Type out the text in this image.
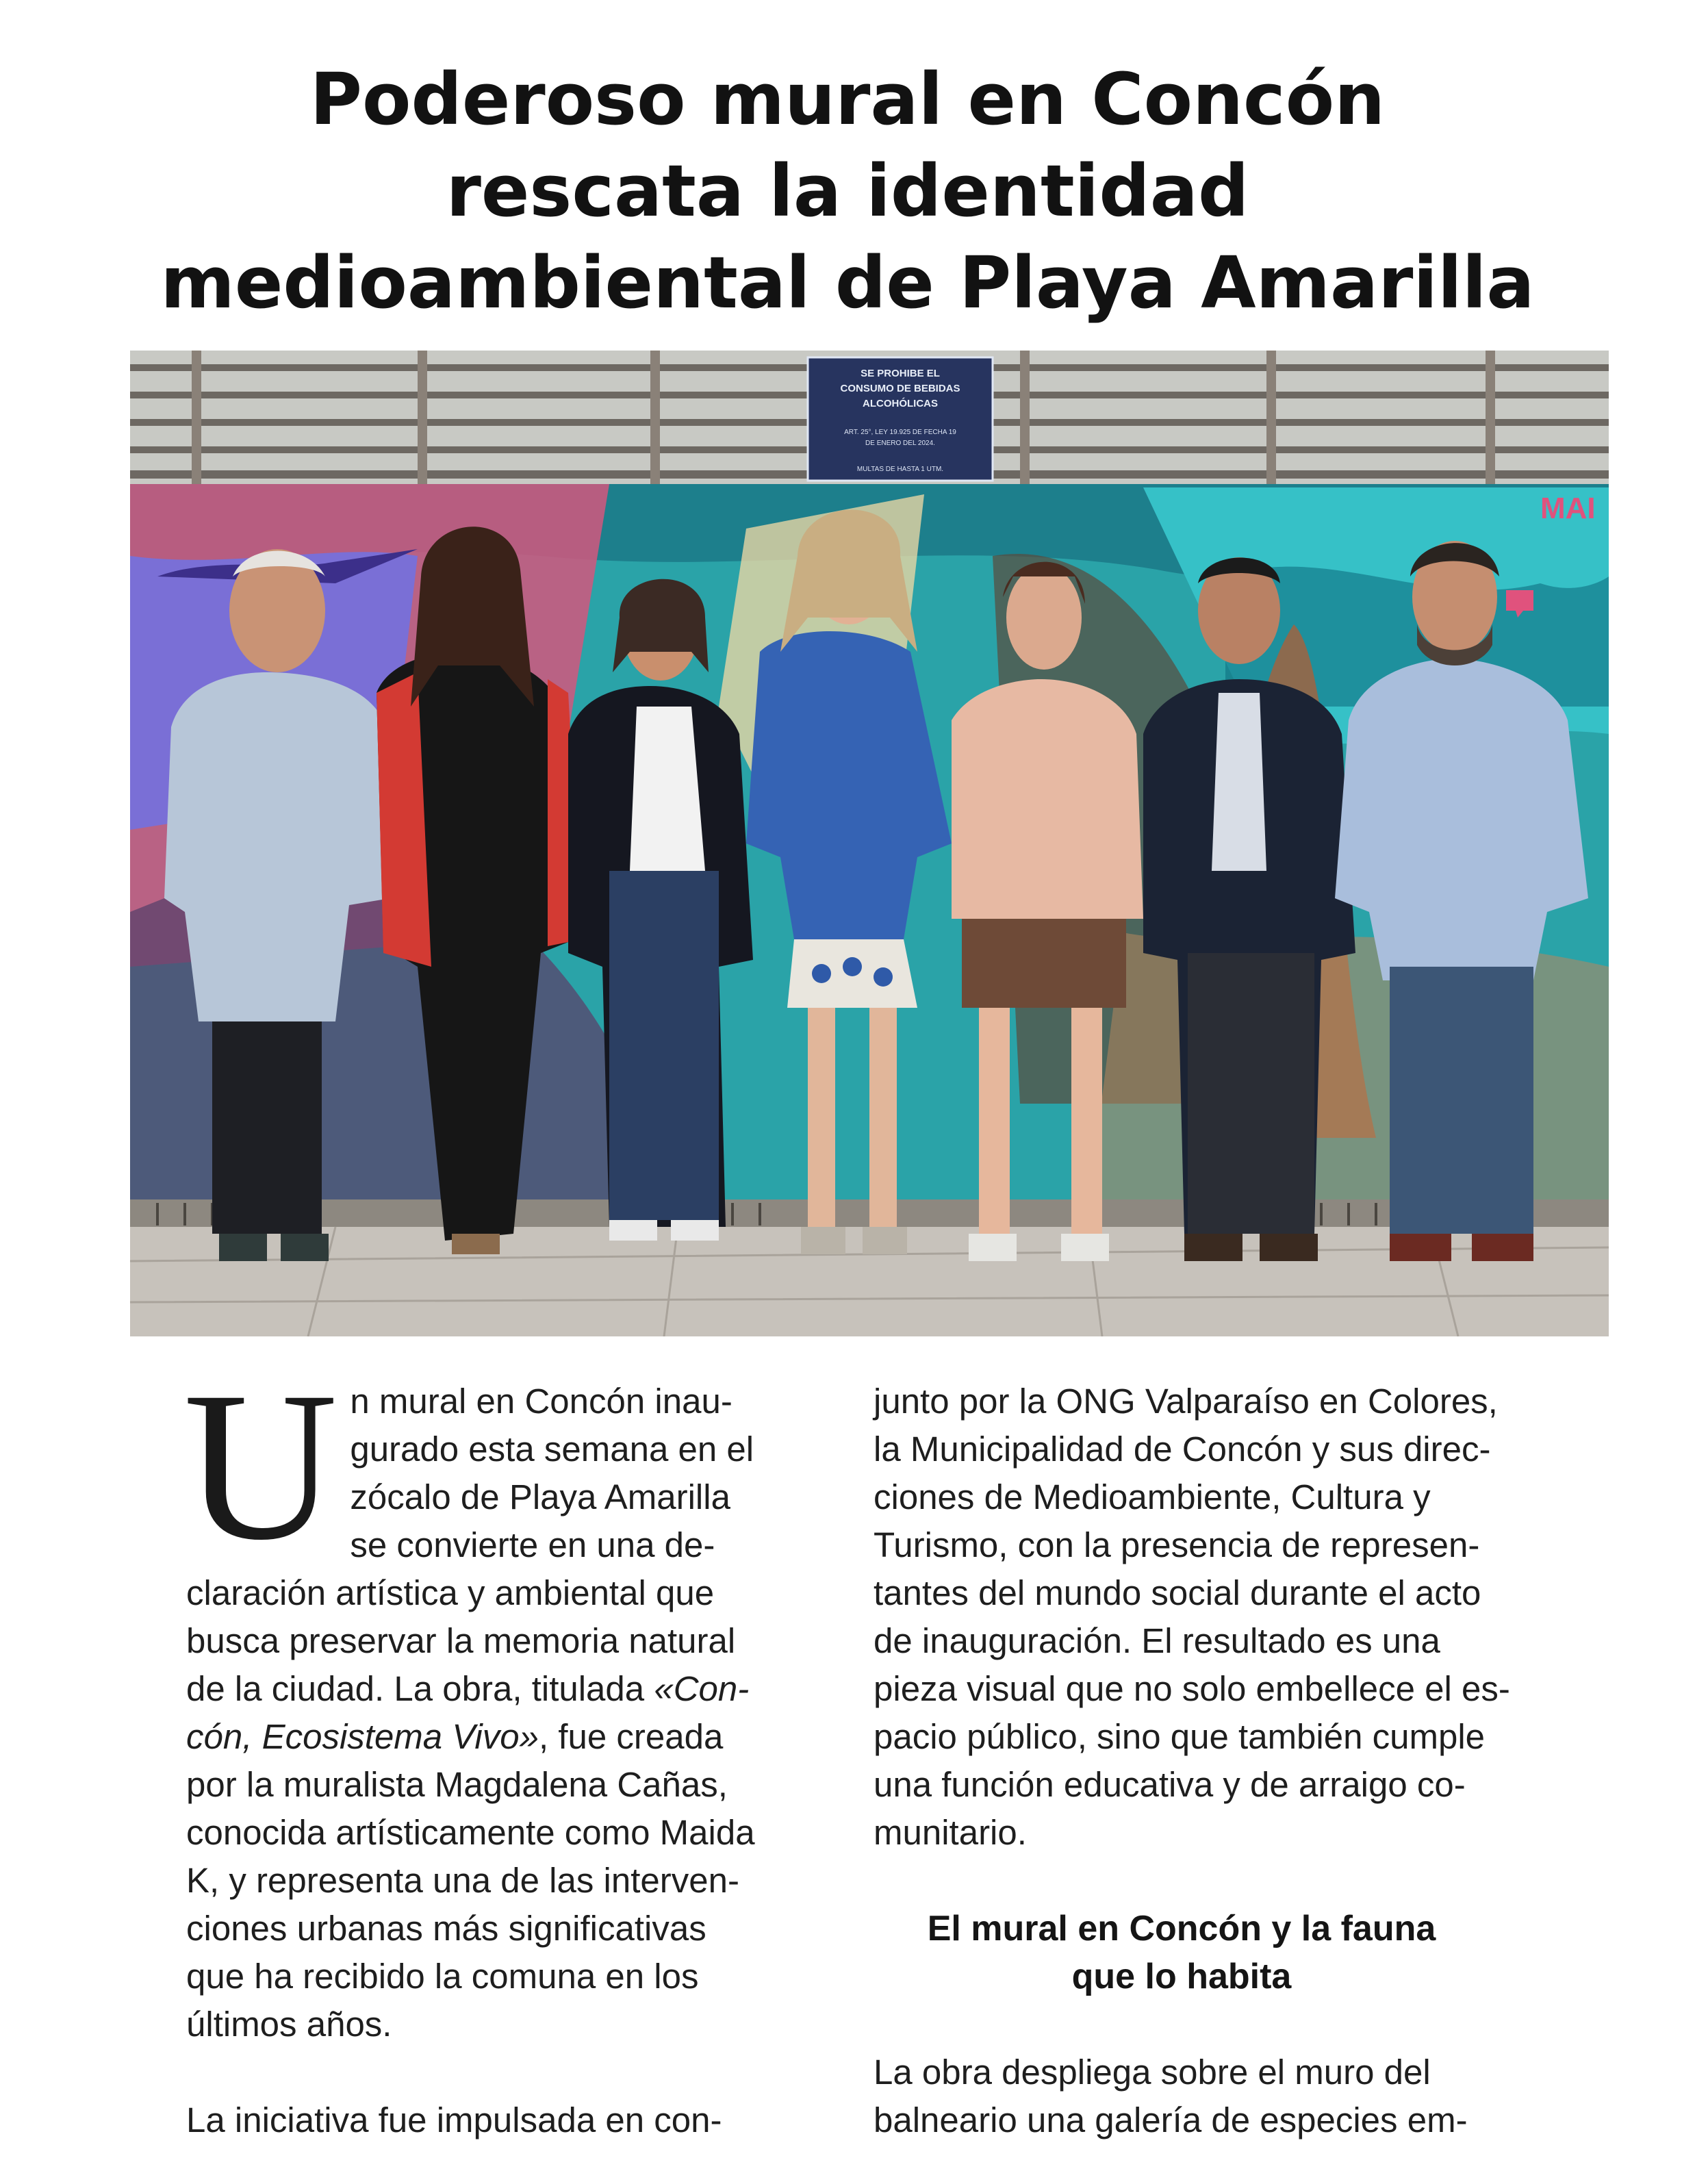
Poderoso mural en Concón
rescata la identidad
medioambiental de Playa Amarilla
SE PROHIBE EL
CONSUMO DE BEBIDAS
ALCOHÓLICAS
ART. 25°, LEY 19.925 DE FECHA 19
DE ENERO DEL 2024.
MULTAS DE HASTA 1 UTM.
MAI

U n mural en Concón inau-
gurado esta semana en el
zócalo de Playa Amarilla
se convierte en una de-
claración artística y ambiental que
busca preservar la memoria natural
de la ciudad. La obra, titulada «Con-
cón, Ecosistema Vivo», fue creada
por la muralista Magdalena Cañas,
conocida artísticamente como Maida
K, y representa una de las interven-
ciones urbanas más significativas
que ha recibido la comuna en los
últimos años.

La iniciativa fue impulsada en con-

junto por la ONG Valparaíso en Colores,
la Municipalidad de Concón y sus direc-
ciones de Medioambiente, Cultura y
Turismo, con la presencia de represen-
tantes del mundo social durante el acto
de inauguración. El resultado es una
pieza visual que no solo embellece el es-
pacio público, sino que también cumple
una función educativa y de arraigo co-
munitario.

El mural en Concón y la fauna
que lo habita

La obra despliega sobre el muro del
balneario una galería de especies em-
